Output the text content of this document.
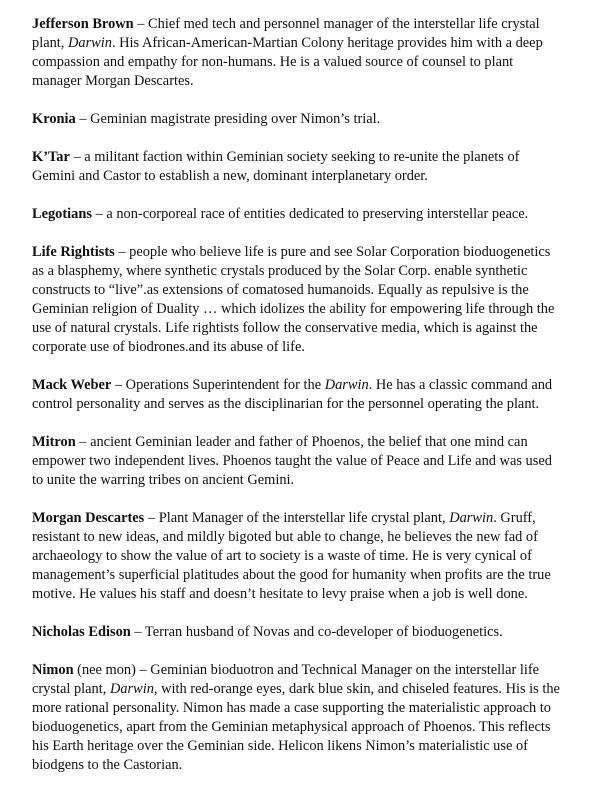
Jefferson Brown – Chief med tech and personnel manager of the interstellar life crystal plant, Darwin. His African-American-Martian Colony heritage provides him with a deep compassion and empathy for non-humans. He is a valued source of counsel to plant manager Morgan Descartes.

Kronia – Geminian magistrate presiding over Nimon’s trial.

K’Tar – a militant faction within Geminian society seeking to re-unite the planets of Gemini and Castor to establish a new, dominant interplanetary order.

Legotians – a non-corporeal race of entities dedicated to preserving interstellar peace.

Life Rightists – people who believe life is pure and see Solar Corporation bioduogenetics as a blasphemy, where synthetic crystals produced by the Solar Corp. enable synthetic constructs to “live”.as extensions of comatosed humanoids. Equally as repulsive is the Geminian religion of Duality … which idolizes the ability for empowering life through the use of natural crystals. Life rightists follow the conservative media, which is against the corporate use of biodrones.and its abuse of life.

Mack Weber – Operations Superintendent for the Darwin. He has a classic command and control personality and serves as the disciplinarian for the personnel operating the plant.

Mitron – ancient Geminian leader and father of Phoenos, the belief that one mind can empower two independent lives. Phoenos taught the value of Peace and Life and was used to unite the warring tribes on ancient Gemini.

Morgan Descartes – Plant Manager of the interstellar life crystal plant, Darwin. Gruff, resistant to new ideas, and mildly bigoted but able to change, he believes the new fad of archaeology to show the value of art to society is a waste of time. He is very cynical of management’s superficial platitudes about the good for humanity when profits are the true motive. He values his staff and doesn’t hesitate to levy praise when a job is well done.

Nicholas Edison – Terran husband of Novas and co-developer of bioduogenetics.

Nimon (nee mon) – Geminian bioduotron and Technical Manager on the interstellar life crystal plant, Darwin, with red-orange eyes, dark blue skin, and chiseled features. His is the more rational personality. Nimon has made a case supporting the materialistic approach to bioduogenetics, apart from the Geminian metaphysical approach of Phoenos. This reflects his Earth heritage over the Geminian side. Helicon likens Nimon’s materialistic use of biodgens to the Castorian.
